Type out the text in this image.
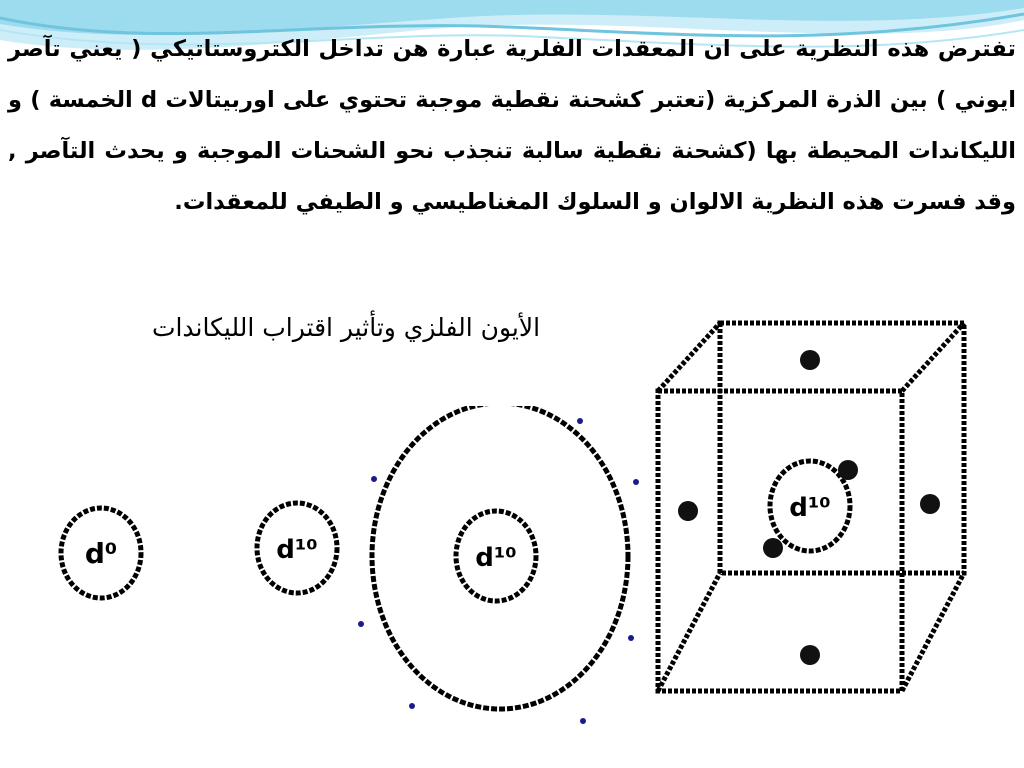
تفترض هذه النظرية على ان المعقدات الفلرية عبارة هن تداخل الكتروستاتيكي ( يعني تآصر ايوني ) بين الذرة المركزية (تعتبر كشحنة نقطية موجبة تحتوي على اوربيتالات d الخمسة ) و الليكاندات المحيطة بها (كشحنة نقطية سالبة تنجذب نحو الشحنات الموجبة و يحدث التآصر , وقد فسرت هذه النظرية الالوان و السلوك المغناطيسي و الطيفي للمعقدات.
d⁰	d¹⁰	d¹⁰
d¹⁰
الأيون الفلزي وتأثير اقتراب الليكاندات
